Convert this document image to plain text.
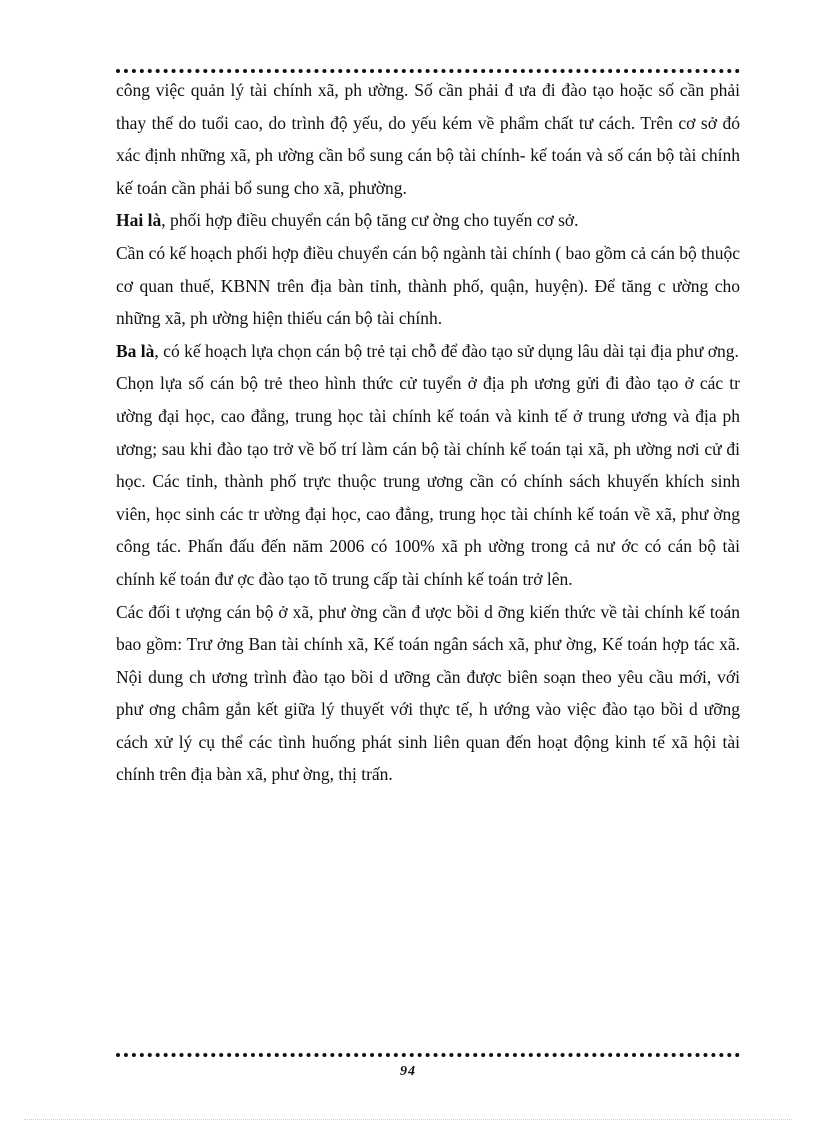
công việc quản lý tài chính xã, ph ường. Số cần phải đ ưa đi đào tạo hoặc số cần phải thay thế do tuổi cao, do trình độ yếu, do yếu kém về phẩm chất tư cách. Trên cơ sở đó xác định những xã, ph ường cần bổ sung cán bộ tài chính- kế toán và số cán bộ tài chính kế toán cần phải bổ sung cho xã, phường.

Hai là, phối hợp điều chuyển cán bộ tăng cư ờng cho tuyến cơ sở.

Cần có kế hoạch phối hợp điều chuyển cán bộ ngành tài chính ( bao gồm cả cán bộ thuộc cơ quan thuế, KBNN trên địa bàn tỉnh, thành phố, quận, huyện). Để tăng c ường cho những xã, ph ường hiện thiếu cán bộ tài chính.

Ba là, có kế hoạch lựa chọn cán bộ trẻ tại chỗ để đào tạo sử dụng lâu dài tại địa phư ơng.

Chọn lựa số cán bộ trẻ theo hình thức cử tuyển ở địa ph ương gửi đi đào tạo ở các tr ường đại học, cao đẳng, trung học tài chính kế toán và kinh tế ở trung ương và địa ph ương; sau khi đào tạo trở về bố trí làm cán bộ tài chính kế toán tại xã, ph ường nơi cử đi học. Các tỉnh, thành phố trực thuộc trung ương cần có chính sách khuyến khích sinh viên, học sinh các tr ường đại học, cao đẳng, trung học tài chính kế toán về xã, phư ờng công tác. Phấn đấu đến năm 2006 có 100% xã ph ường trong cả nư ớc có cán bộ tài chính kế toán đư ợc đào tạo tõ trung cấp tài chính kế toán trở lên.

Các đối t ượng cán bộ ở xã, phư ờng cần đ ược bồi d ỡng kiến thức về tài chính kế toán bao gồm: Trư ởng Ban tài chính xã, Kế toán ngân sách xã, phư ờng, Kế toán hợp tác xã. Nội dung ch ương trình đào tạo bồi d ưỡng cần được biên soạn theo yêu cầu mới, với phư ơng châm gắn kết giữa lý thuyết với thực tế, h ướng vào việc đào tạo bồi d ưỡng cách xử lý cụ thể các tình huống phát sinh liên quan đến hoạt động kinh tế xã hội tài chính trên địa bàn xã, phư ờng, thị trấn.

94
